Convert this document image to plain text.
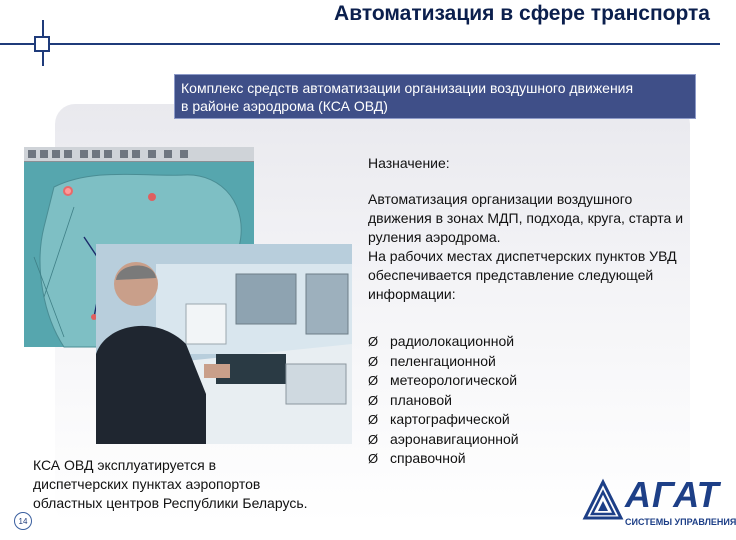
Автоматизация в сфере транспорта
Комплекс средств автоматизации организации воздушного движения
в районе аэродрома (КСА ОВД)
Назначение:

Автоматизация организации воздушного движения в зонах МДП, подхода, круга, старта и руления аэродрома.

На рабочих местах диспетчерских пунктов УВД обеспечивается представление следующей информации:

Ø радиолокационной
Ø пеленгационной
Ø метеорологической
Ø плановой
Ø картографической
Ø аэронавигационной
Ø справочной
КСА ОВД эксплуатируется в
диспетчерских пунктах аэропортов
областных центров Республики Беларусь.
14
АГАТ
СИСТЕМЫ УПРАВЛЕНИЯ
